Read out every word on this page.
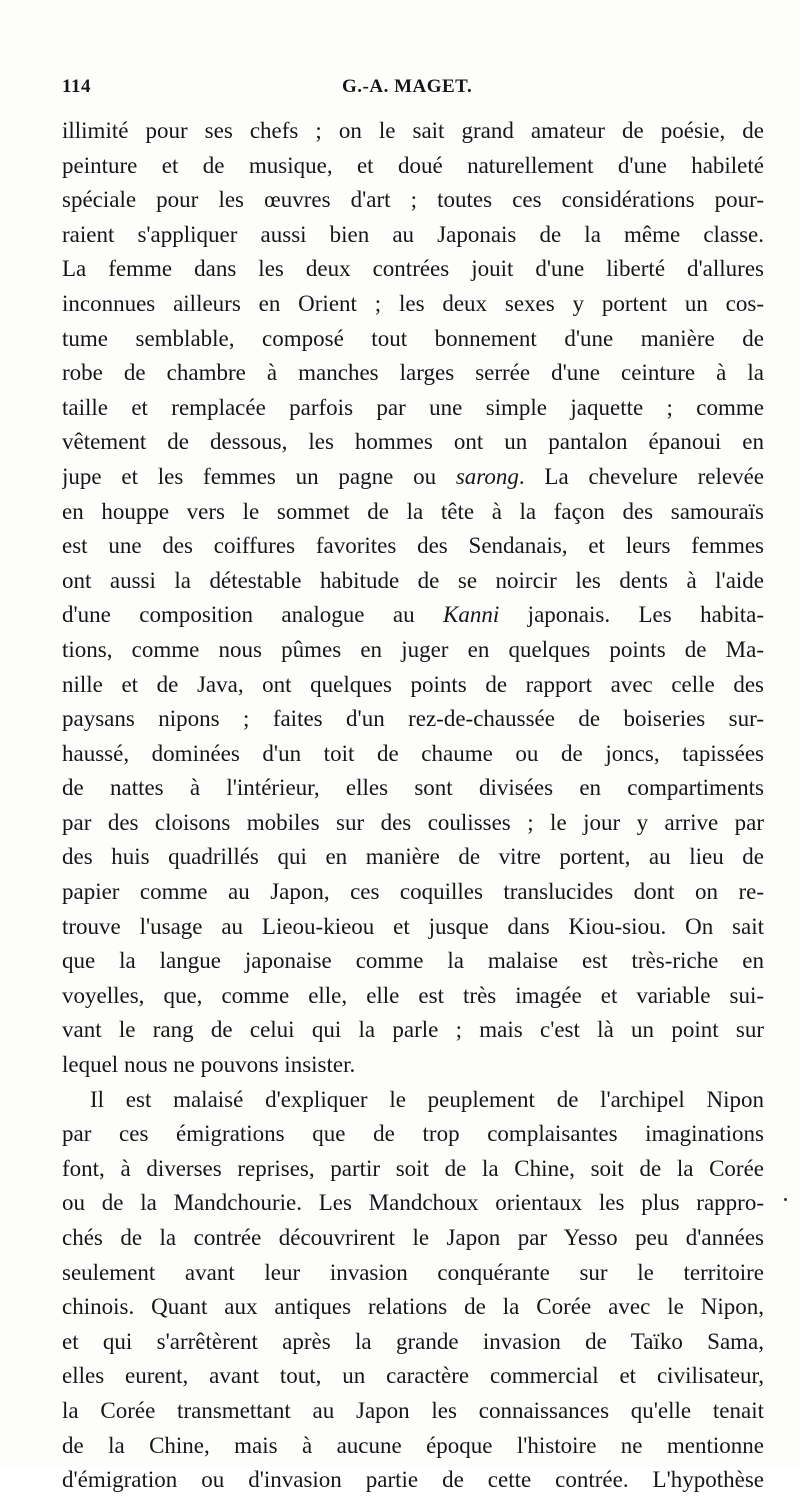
114	G.-A. MAGET.
illimité pour ses chefs ; on le sait grand amateur de poésie, de
peinture et de musique, et doué naturellement d'une habileté
spéciale pour les œuvres d'art ; toutes ces considérations pour-
raient s'appliquer aussi bien au Japonais de la même classe.
La femme dans les deux contrées jouit d'une liberté d'allures
inconnues ailleurs en Orient ; les deux sexes y portent un cos-
tume semblable, composé tout bonnement d'une manière de
robe de chambre à manches larges serrée d'une ceinture à la
taille et remplacée parfois par une simple jaquette ; comme
vêtement de dessous, les hommes ont un pantalon épanoui en
jupe et les femmes un pagne ou sarong. La chevelure relevée
en houppe vers le sommet de la tête à la façon des samouraïs
est une des coiffures favorites des Sendanais, et leurs femmes
ont aussi la détestable habitude de se noircir les dents à l'aide
d'une composition analogue au Kanni japonais. Les habita-
tions, comme nous pûmes en juger en quelques points de Ma-
nille et de Java, ont quelques points de rapport avec celle des
paysans nipons ; faites d'un rez-de-chaussée de boiseries sur-
haussé, dominées d'un toit de chaume ou de joncs, tapissées
de nattes à l'intérieur, elles sont divisées en compartiments
par des cloisons mobiles sur des coulisses ; le jour y arrive par
des huis quadrillés qui en manière de vitre portent, au lieu de
papier comme au Japon, ces coquilles translucides dont on re-
trouve l'usage au Lieou-kieou et jusque dans Kiou-siou. On sait
que la langue japonaise comme la malaise est très-riche en
voyelles, que, comme elle, elle est très imagée et variable sui-
vant le rang de celui qui la parle ; mais c'est là un point sur
lequel nous ne pouvons insister.
Il est malaisé d'expliquer le peuplement de l'archipel Nipon
par ces émigrations que de trop complaisantes imaginations
font, à diverses reprises, partir soit de la Chine, soit de la Corée
ou de la Mandchourie. Les Mandchoux orientaux les plus rappro-
chés de la contrée découvrirent le Japon par Yesso peu d'années
seulement avant leur invasion conquérante sur le territoire
chinois. Quant aux antiques relations de la Corée avec le Nipon,
et qui s'arrêtèrent après la grande invasion de Taïko Sama,
elles eurent, avant tout, un caractère commercial et civilisateur,
la Corée transmettant au Japon les connaissances qu'elle tenait
de la Chine, mais à aucune époque l'histoire ne mentionne
d'émigration ou d'invasion partie de cette contrée. L'hypothèse
